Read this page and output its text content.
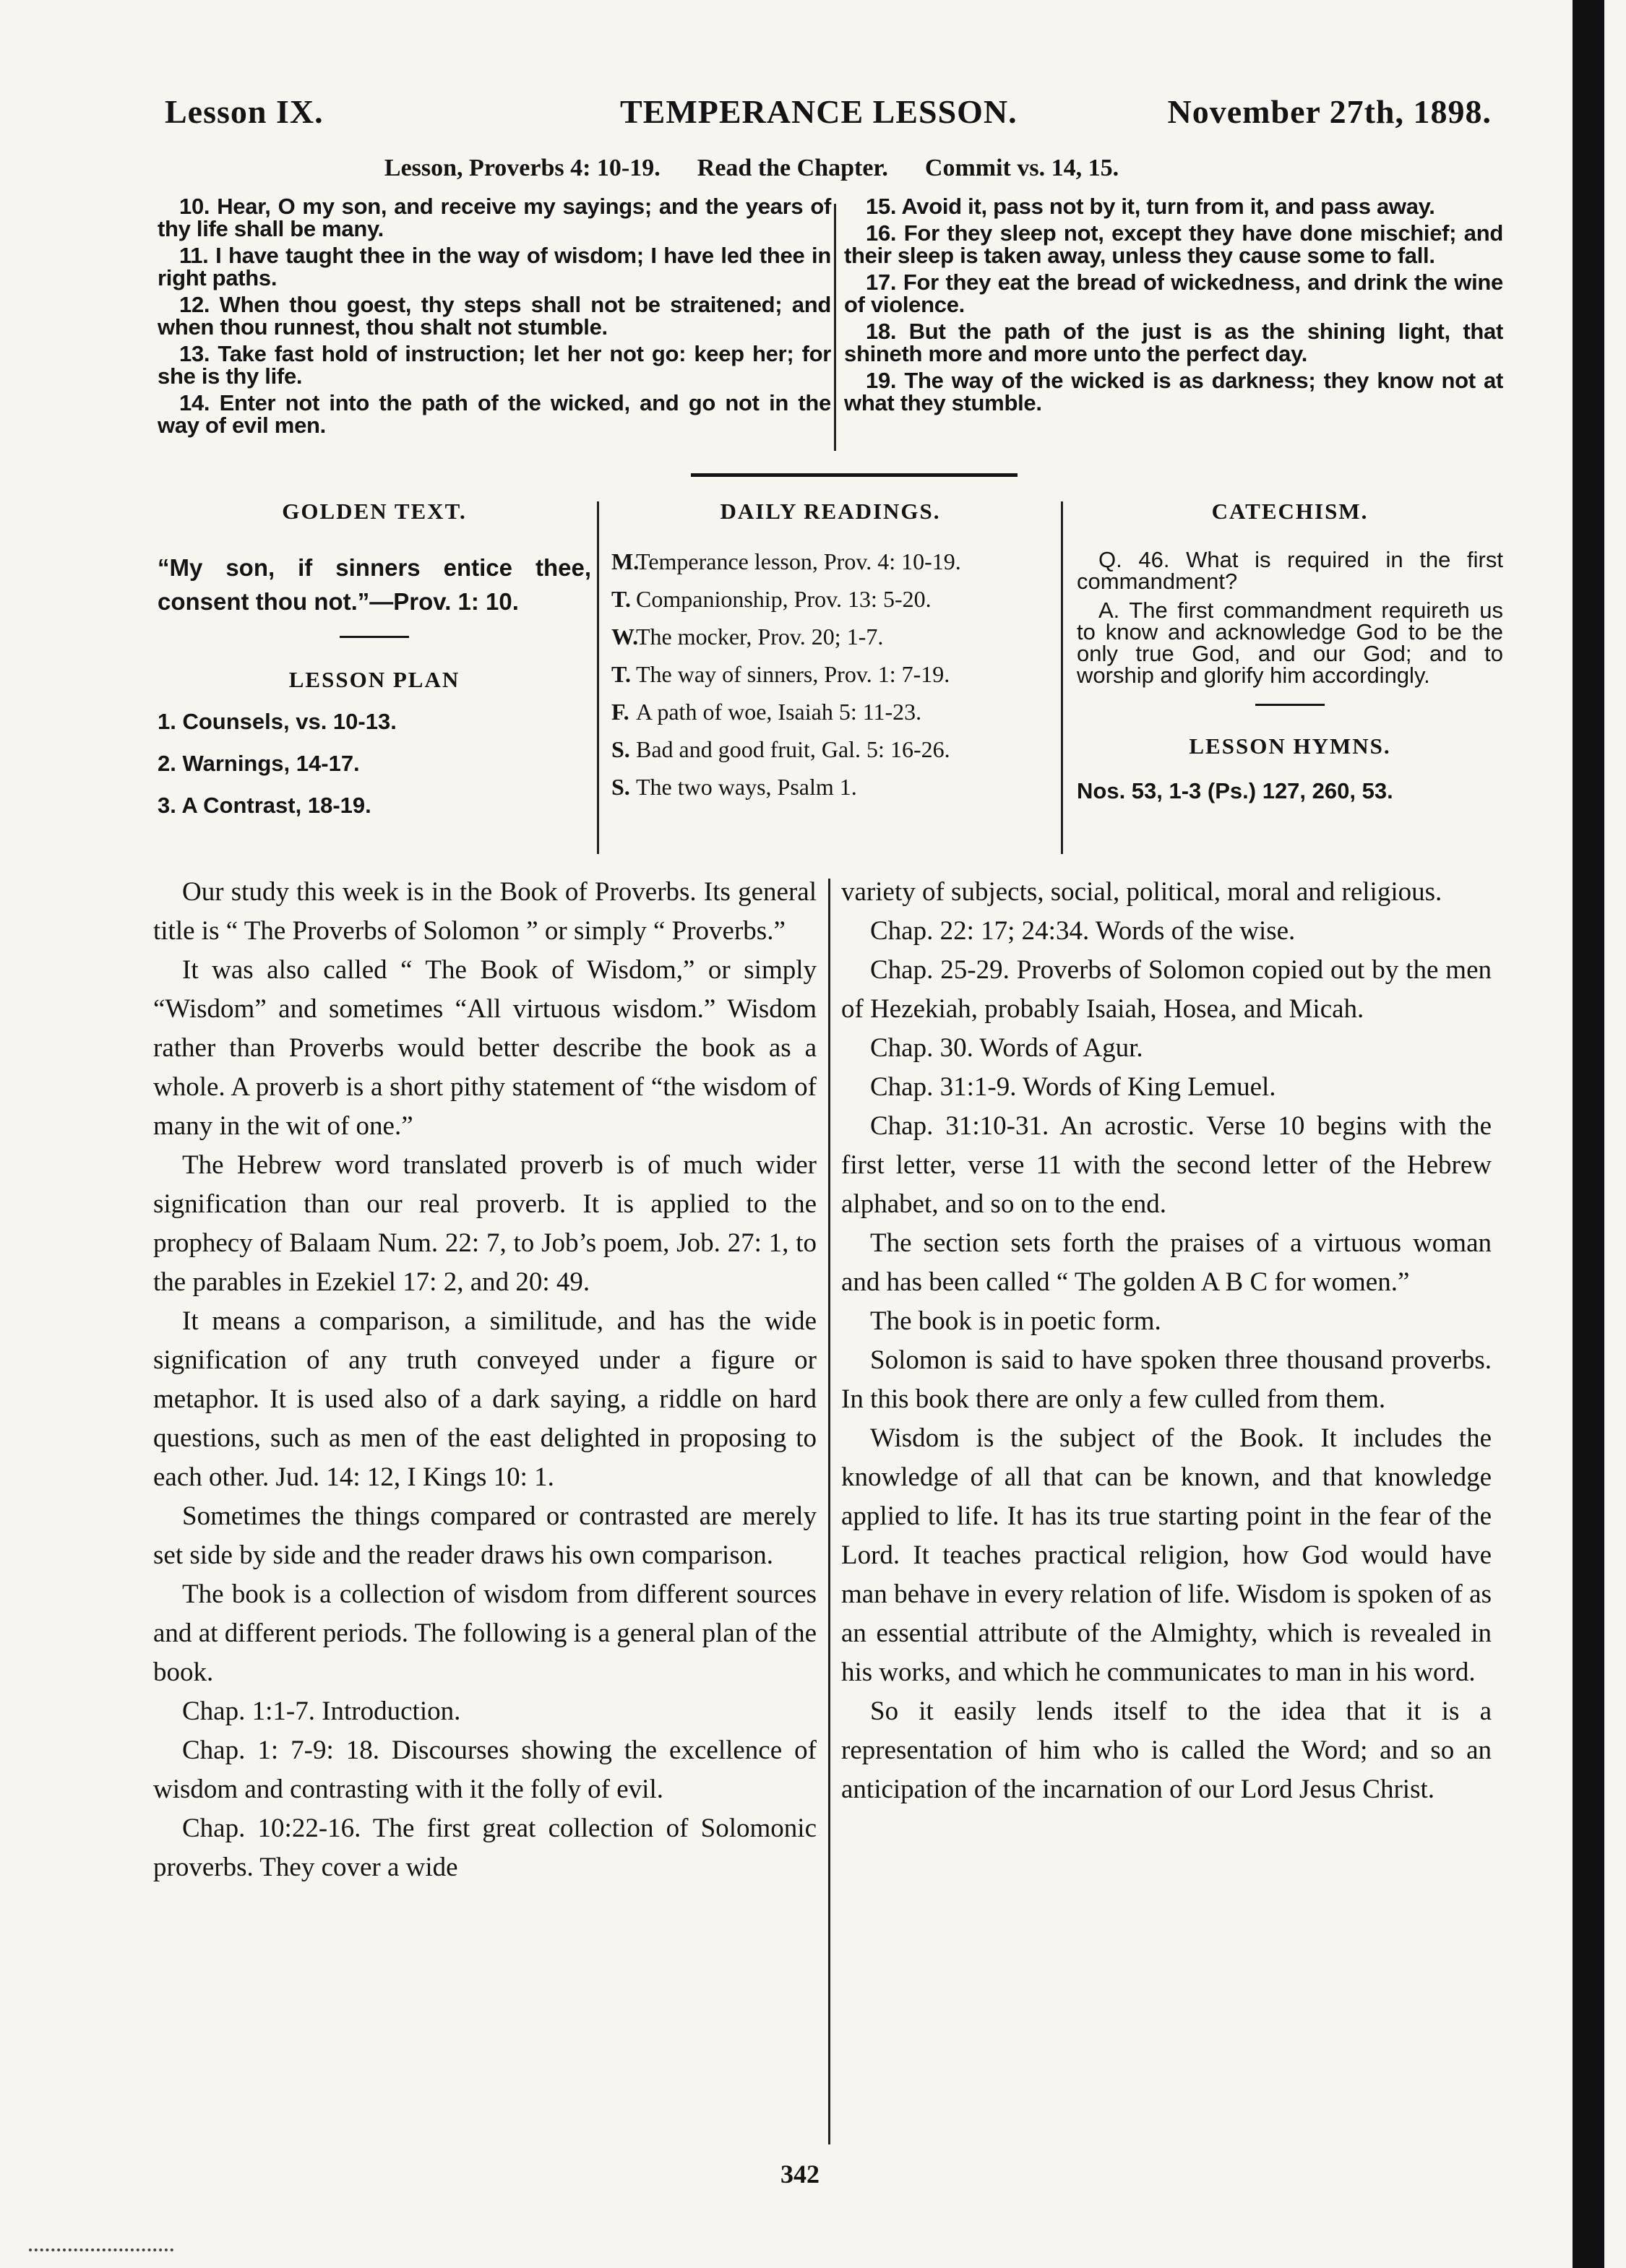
Lesson IX.	TEMPERANCE LESSON.	November 27th, 1898.
Lesson, Proverbs 4: 10-19.      Read the Chapter.      Commit vs. 14, 15.

10. Hear, O my son, and receive my sayings; and the years of thy life shall be many.

11. I have taught thee in the way of wisdom; I have led thee in right paths.

12. When thou goest, thy steps shall not be straitened; and when thou runnest, thou shalt not stumble.

13. Take fast hold of instruction; let her not go: keep her; for she is thy life.

14. Enter not into the path of the wicked, and go not in the way of evil men.

15. Avoid it, pass not by it, turn from it, and pass away.

16. For they sleep not, except they have done mischief; and their sleep is taken away, unless they cause some to fall.

17. For they eat the bread of wickedness, and drink the wine of violence.

18. But the path of the just is as the shining light, that shineth more and more unto the perfect day.

19. The way of the wicked is as darkness; they know not at what they stumble.

GOLDEN TEXT.
“My son, if sinners entice thee, consent thou not.”—Prov. 1: 10.
LESSON PLAN
1. Counsels, vs. 10-13.
2. Warnings, 14-17.
3. A Contrast, 18-19.
DAILY READINGS.
M.
Temperance lesson, Prov. 4: 10-19.
T. Companionship, Prov. 13: 5-20.
W.
The mocker, Prov. 20; 1-7.
T. The way of sinners, Prov. 1: 7-19.
F. A path of woe, Isaiah 5: 11-23.
S. Bad and good fruit, Gal. 5: 16-26.
S. The two ways, Psalm 1.
CATECHISM.
Q. 46. What is required in the first commandment?
A. The first commandment requireth us to know and acknowledge God to be the only true God, and our God; and to worship and glorify him accordingly.
LESSON HYMNS.
Nos. 53, 1-3 (Ps.) 127, 260, 53.

Our study this week is in the Book of Proverbs. Its general title is “ The Proverbs of Solomon ” or simply “ Proverbs.”

It was also called “ The Book of Wisdom,” or simply “Wisdom” and sometimes “All virtuous wisdom.” Wisdom rather than Proverbs would better describe the book as a whole. A proverb is a short pithy statement of “the wisdom of many in the wit of one.”

The Hebrew word translated proverb is of much wider signification than our real proverb. It is applied to the prophecy of Balaam Num. 22: 7, to Job’s poem, Job. 27: 1, to the parables in Ezekiel 17: 2, and 20: 49.

It means a comparison, a similitude, and has the wide signification of any truth conveyed under a figure or metaphor. It is used also of a dark saying, a riddle on hard questions, such as men of the east delighted in proposing to each other. Jud. 14: 12, I Kings 10: 1.

Sometimes the things compared or contrasted are merely set side by side and the reader draws his own comparison.

The book is a collection of wisdom from different sources and at different periods. The following is a general plan of the book.

Chap. 1:1-7. Introduction.

Chap. 1: 7-9: 18. Discourses showing the excellence of wisdom and contrasting with it the folly of evil.

Chap. 10:22-16. The first great collection of Solomonic proverbs. They cover a wide

variety of subjects, social, political, moral and religious.

Chap. 22: 17; 24:34. Words of the wise.

Chap. 25-29. Proverbs of Solomon copied out by the men of Hezekiah, probably Isaiah, Hosea, and Micah.

Chap. 30. Words of Agur.

Chap. 31:1-9. Words of King Lemuel.

Chap. 31:10-31. An acrostic. Verse 10 begins with the first letter, verse 11 with the second letter of the Hebrew alphabet, and so on to the end.

The section sets forth the praises of a virtuous woman and has been called “ The golden A B C for women.”

The book is in poetic form.

Solomon is said to have spoken three thousand proverbs. In this book there are only a few culled from them.

Wisdom is the subject of the Book. It includes the knowledge of all that can be known, and that knowledge applied to life. It has its true starting point in the fear of the Lord. It teaches practical religion, how God would have man behave in every relation of life. Wisdom is spoken of as an essential attribute of the Almighty, which is revealed in his works, and which he communicates to man in his word.

So it easily lends itself to the idea that it is a representation of him who is called the Word; and so an anticipation of the incarnation of our Lord Jesus Christ.

342
